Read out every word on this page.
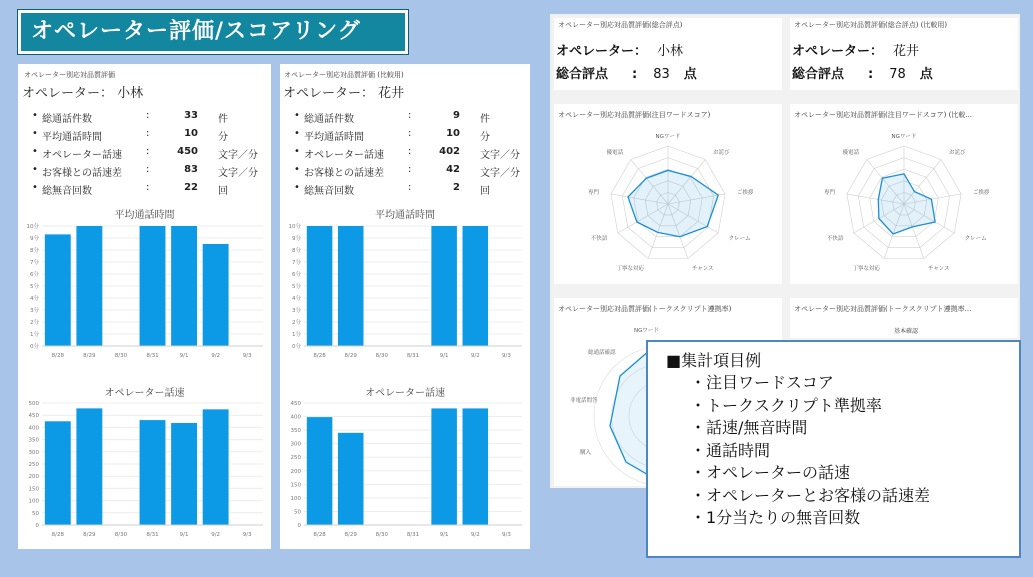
オペレーター評価/スコアリング
オペレーター別応対品質評価
オペレーター： 小林
• 総通話件数	:	33 件
• 平均通話時間	:	10 分
• オペレーター話速 :	450 文字／分
• お客様との話速差 :	83 文字／分
• 総無音回数	:	22 回
平均通話時間
0分
1分
2分
3分
4分
5分
6分
7分
8分
9分
10分
8/28	8/29	8/30	8/31	9/1	9/2	9/3
オペレーター話速
0
50
100
150
200
250
300
350
400
450
500
8/28	8/29	8/30	8/31	9/1	9/2	9/3
オペレーター別応対品質評価 (比較用)
オペレーター： 花井
• 総通話件数	:	9 件
• 平均通話時間	:	10 分
• オペレーター話速 :	402 文字／分
• お客様との話速差 :	42 文字／分
• 総無音回数	:	2 回
平均通話時間
0分
1分
2分
3分
4分
5分
6分
7分
8分
9分
10分
8/28	8/29	8/30	8/31	9/1	9/2	9/3
オペレーター話速
0
50
100
150
200
250
300
350
400
450
8/28	8/29	8/30	8/31	9/1	9/2	9/3
オペレーター別応対品質評価(総合評点)
オペレーター： 小林
総合評点 : 83 点
オペレーター別応対品質評価(総合評点) (比較用)
オペレーター： 花井
総合評点 : 78 点
オペレーター別応対品質評価(注目ワードスコア)
NGワード
お詫び
ご挨拶
クレーム
チャンス
丁寧な対応
不快語
専門
優電話
オペレーター別応対品質評価(注目ワードスコア) (比較...
NGワード
お詫び
ご挨拶
クレーム
チャンス
丁寧な対応
不快語
専門
優電話
オペレーター別応対品質評価(トークスクリプト遵拠率)
NGワード
総通話確認
非電話問答
購入
オペレーター別応対品質評価(トークスクリプト遵拠率...
基本確認
■集計項目例
・注目ワードスコア
・トークスクリプト準拠率
・話速/無音時間
・通話時間
・オペレーターの話速
・オペレーターとお客様の話速差
・1分当たりの無音回数
